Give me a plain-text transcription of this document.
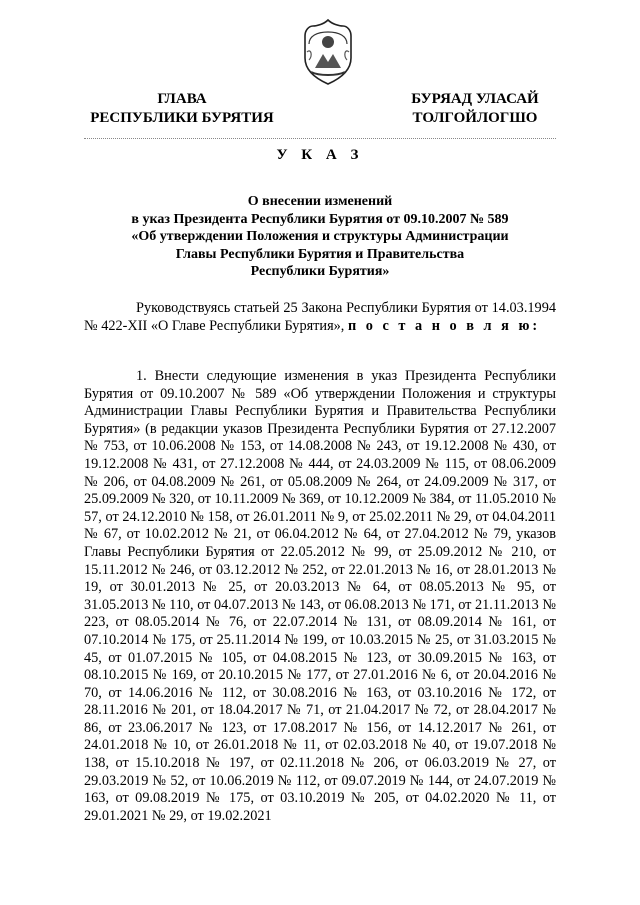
ГЛАВА
РЕСПУБЛИКИ БУРЯТИЯ
БУРЯАД УЛАСАЙ
ТОЛГОЙЛОГШО
У К А З
О внесении изменений
в указ Президента Республики Бурятия от 09.10.2007 № 589
«Об утверждении Положения и структуры Администрации
Главы Республики Бурятия и Правительства
Республики Бурятия»

Руководствуясь статьей 25 Закона Республики Бурятия от 14.03.1994 № 422-XII «О Главе Республики Бурятия», п о с т а н о в л я ю:

1. Внести следующие изменения в указ Президента Республики Бурятия от 09.10.2007 № 589 «Об утверждении Положения и структуры Администрации Главы Республики Бурятия и Правительства Республики Бурятия» (в редакции указов Президента Республики Бурятия от 27.12.2007 № 753, от 10.06.2008 № 153, от 14.08.2008 № 243, от 19.12.2008 № 430, от 19.12.2008 № 431, от 27.12.2008 № 444, от 24.03.2009 № 115, от 08.06.2009 № 206, от 04.08.2009 № 261, от 05.08.2009 № 264, от 24.09.2009 № 317, от 25.09.2009 № 320, от 10.11.2009 № 369, от 10.12.2009 № 384, от 11.05.2010 № 57, от 24.12.2010 № 158, от 26.01.2011 № 9, от 25.02.2011 № 29, от 04.04.2011 № 67, от 10.02.2012 № 21, от 06.04.2012 № 64, от 27.04.2012 № 79, указов Главы Республики Бурятия от 22.05.2012 № 99, от 25.09.2012 № 210, от 15.11.2012 № 246, от 03.12.2012 № 252, от 22.01.2013 № 16, от 28.01.2013 № 19, от 30.01.2013 № 25, от 20.03.2013 № 64, от 08.05.2013 № 95, от 31.05.2013 № 110, от 04.07.2013 № 143, от 06.08.2013 № 171, от 21.11.2013 № 223, от 08.05.2014 № 76, от 22.07.2014 № 131, от 08.09.2014 № 161, от 07.10.2014 № 175, от 25.11.2014 № 199, от 10.03.2015 № 25, от 31.03.2015 № 45, от 01.07.2015 № 105, от 04.08.2015 № 123, от 30.09.2015 № 163, от 08.10.2015 № 169, от 20.10.2015 № 177, от 27.01.2016 № 6, от 20.04.2016 № 70, от 14.06.2016 № 112, от 30.08.2016 № 163, от 03.10.2016 № 172, от 28.11.2016 № 201, от 18.04.2017 № 71, от 21.04.2017 № 72, от 28.04.2017 № 86, от 23.06.2017 № 123, от 17.08.2017 № 156, от 14.12.2017 № 261, от 24.01.2018 № 10, от 26.01.2018 № 11, от 02.03.2018 № 40, от 19.07.2018 № 138, от 15.10.2018 № 197, от 02.11.2018 № 206, от 06.03.2019 № 27, от 29.03.2019 № 52, от 10.06.2019 № 112, от 09.07.2019 № 144, от 24.07.2019 № 163, от 09.08.2019 № 175, от 03.10.2019 № 205, от 04.02.2020 № 11, от 29.01.2021 № 29, от 19.02.2021
